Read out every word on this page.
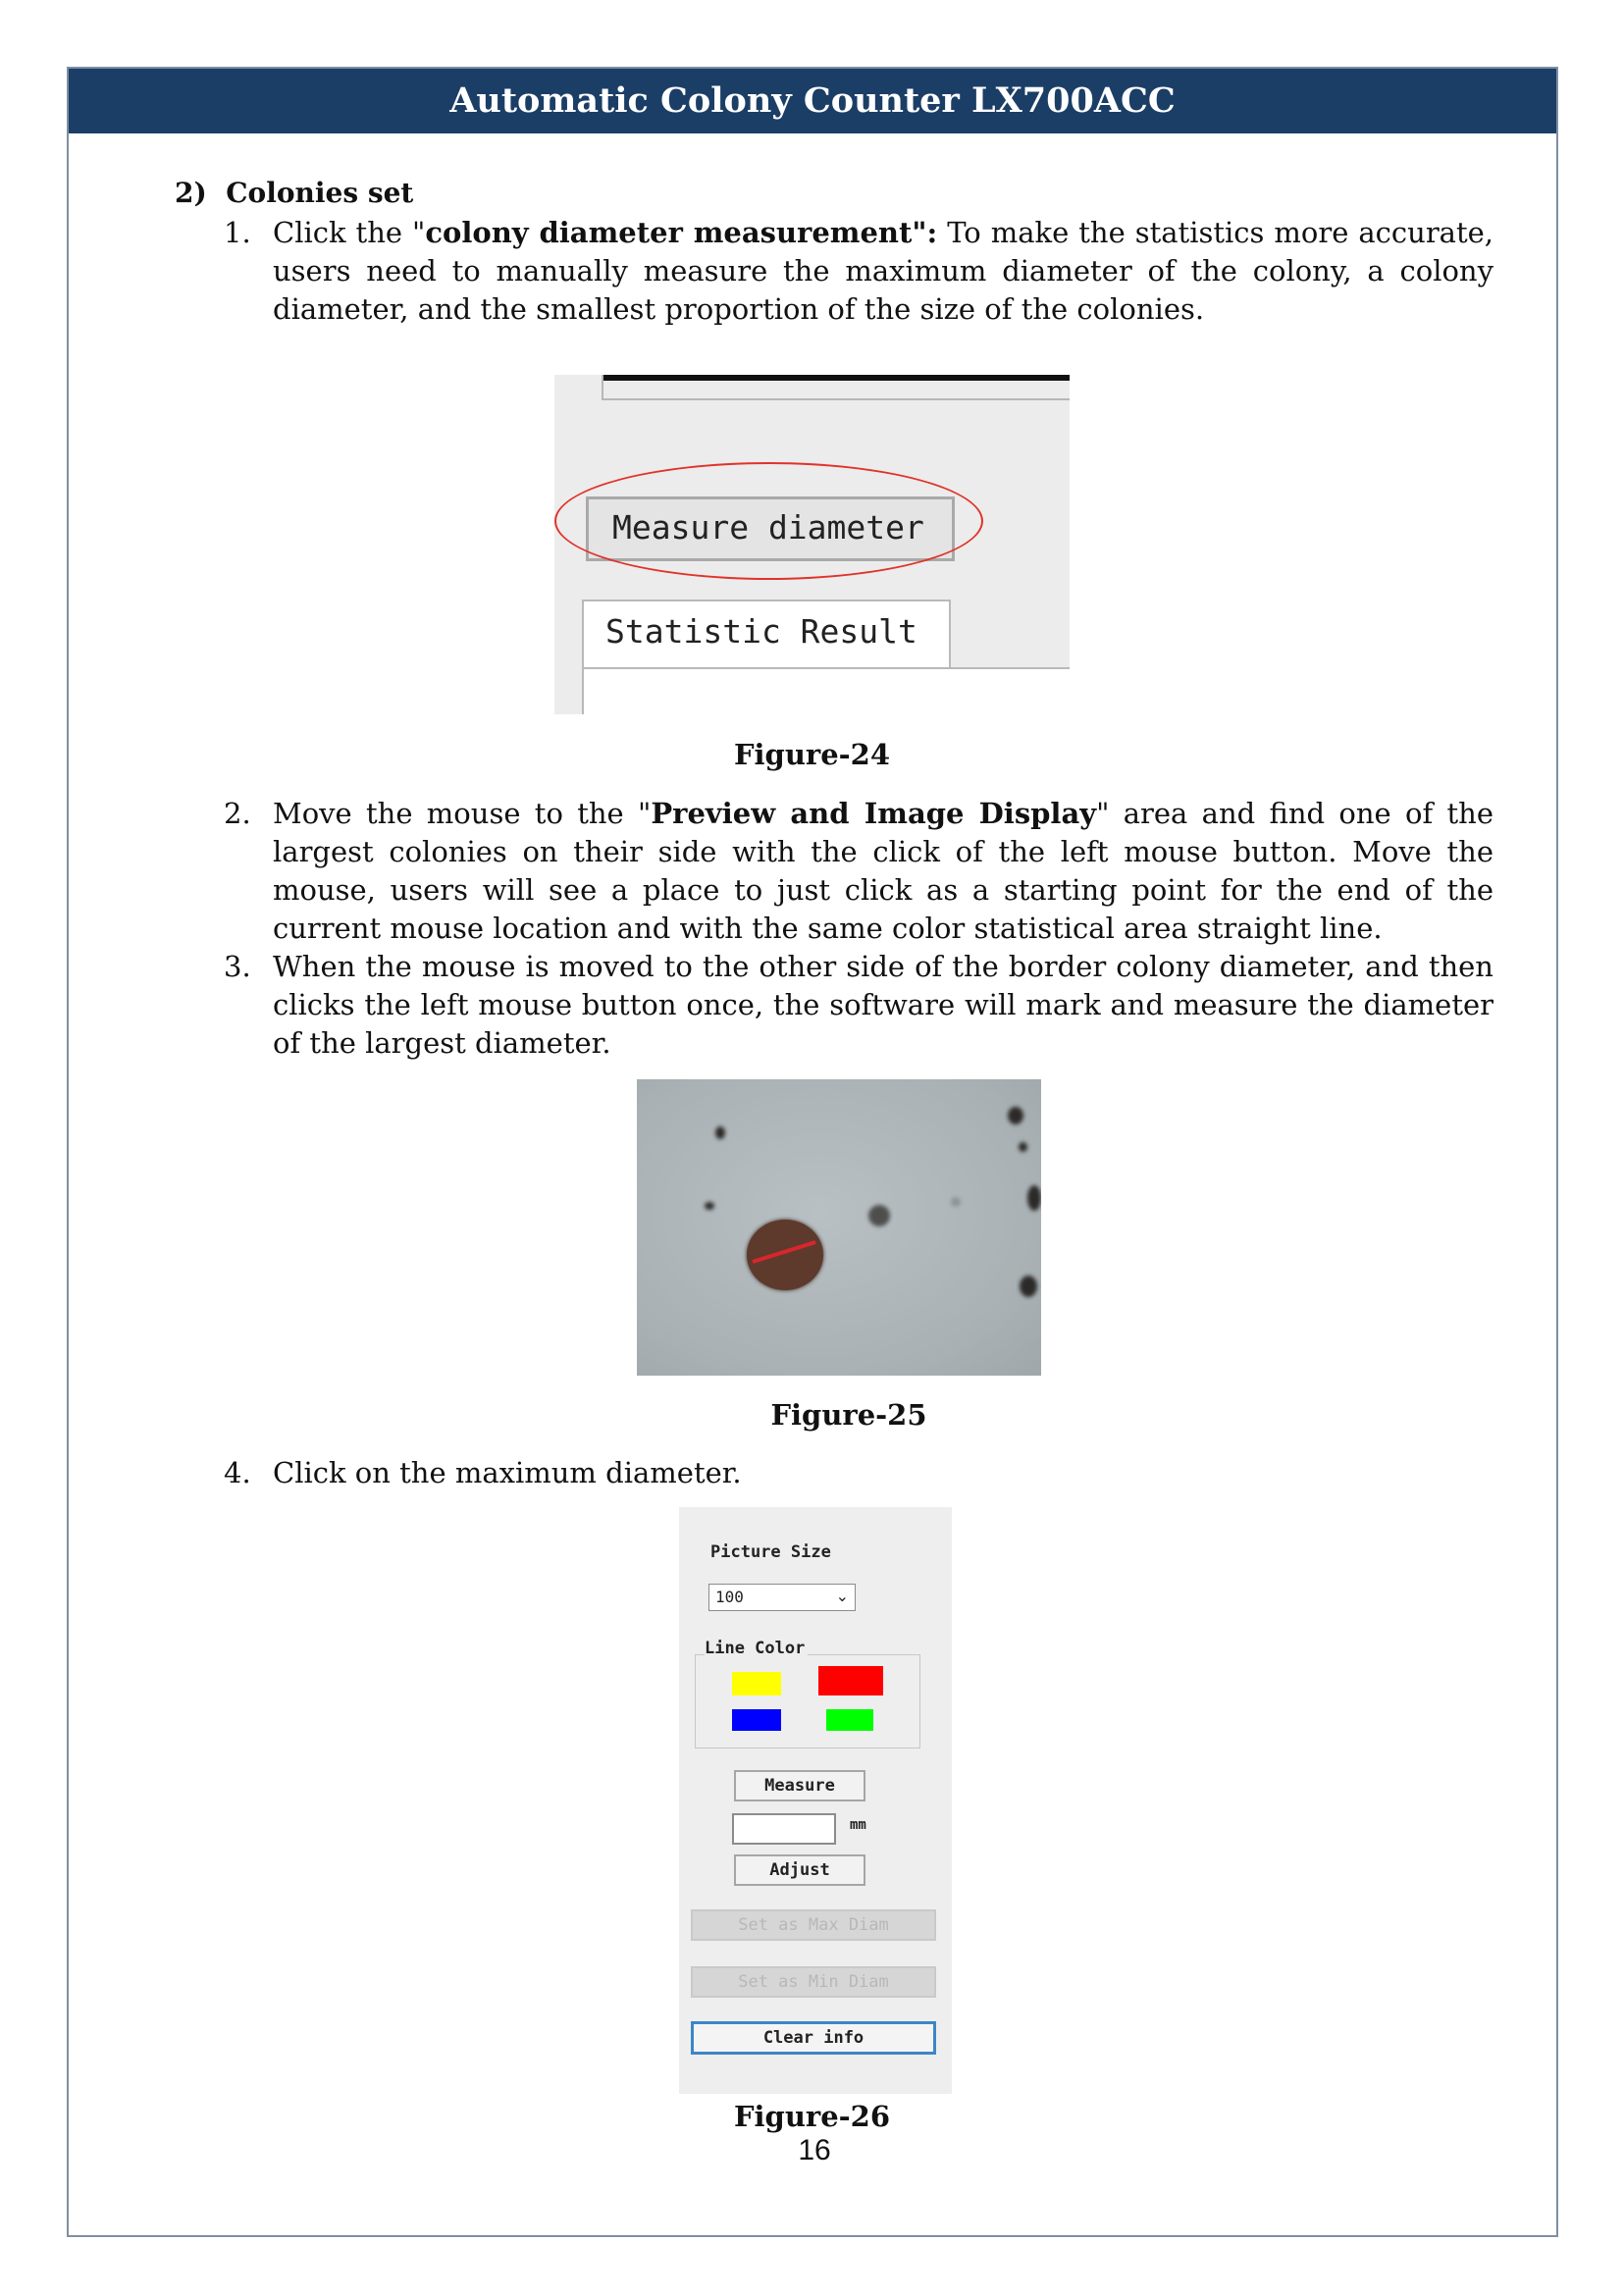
Automatic Colony Counter LX700ACC
2) Colonies set
1. Click the "colony diameter measurement": To make the statistics more accurate, users need to manually measure the maximum diameter of the colony, a colony diameter, and the smallest proportion of the size of the colonies.
Measure diameter
Statistic Result
Figure-24
2. Move the mouse to the "Preview and Image Display" area and find one of the largest colonies on their side with the click of the left mouse button. Move the mouse, users will see a place to just click as a starting point for the end of the current mouse location and with the same color statistical area straight line.
3. When the mouse is moved to the other side of the border colony diameter, and then clicks the left mouse button once, the software will mark and measure the diameter of the largest diameter.
Figure-25
4. Click on the maximum diameter.
Picture Size
100	⌄
Line Color
Measure
mm
Adjust
Set as Max Diam
Set as Min Diam
Clear info
Figure-26
16
